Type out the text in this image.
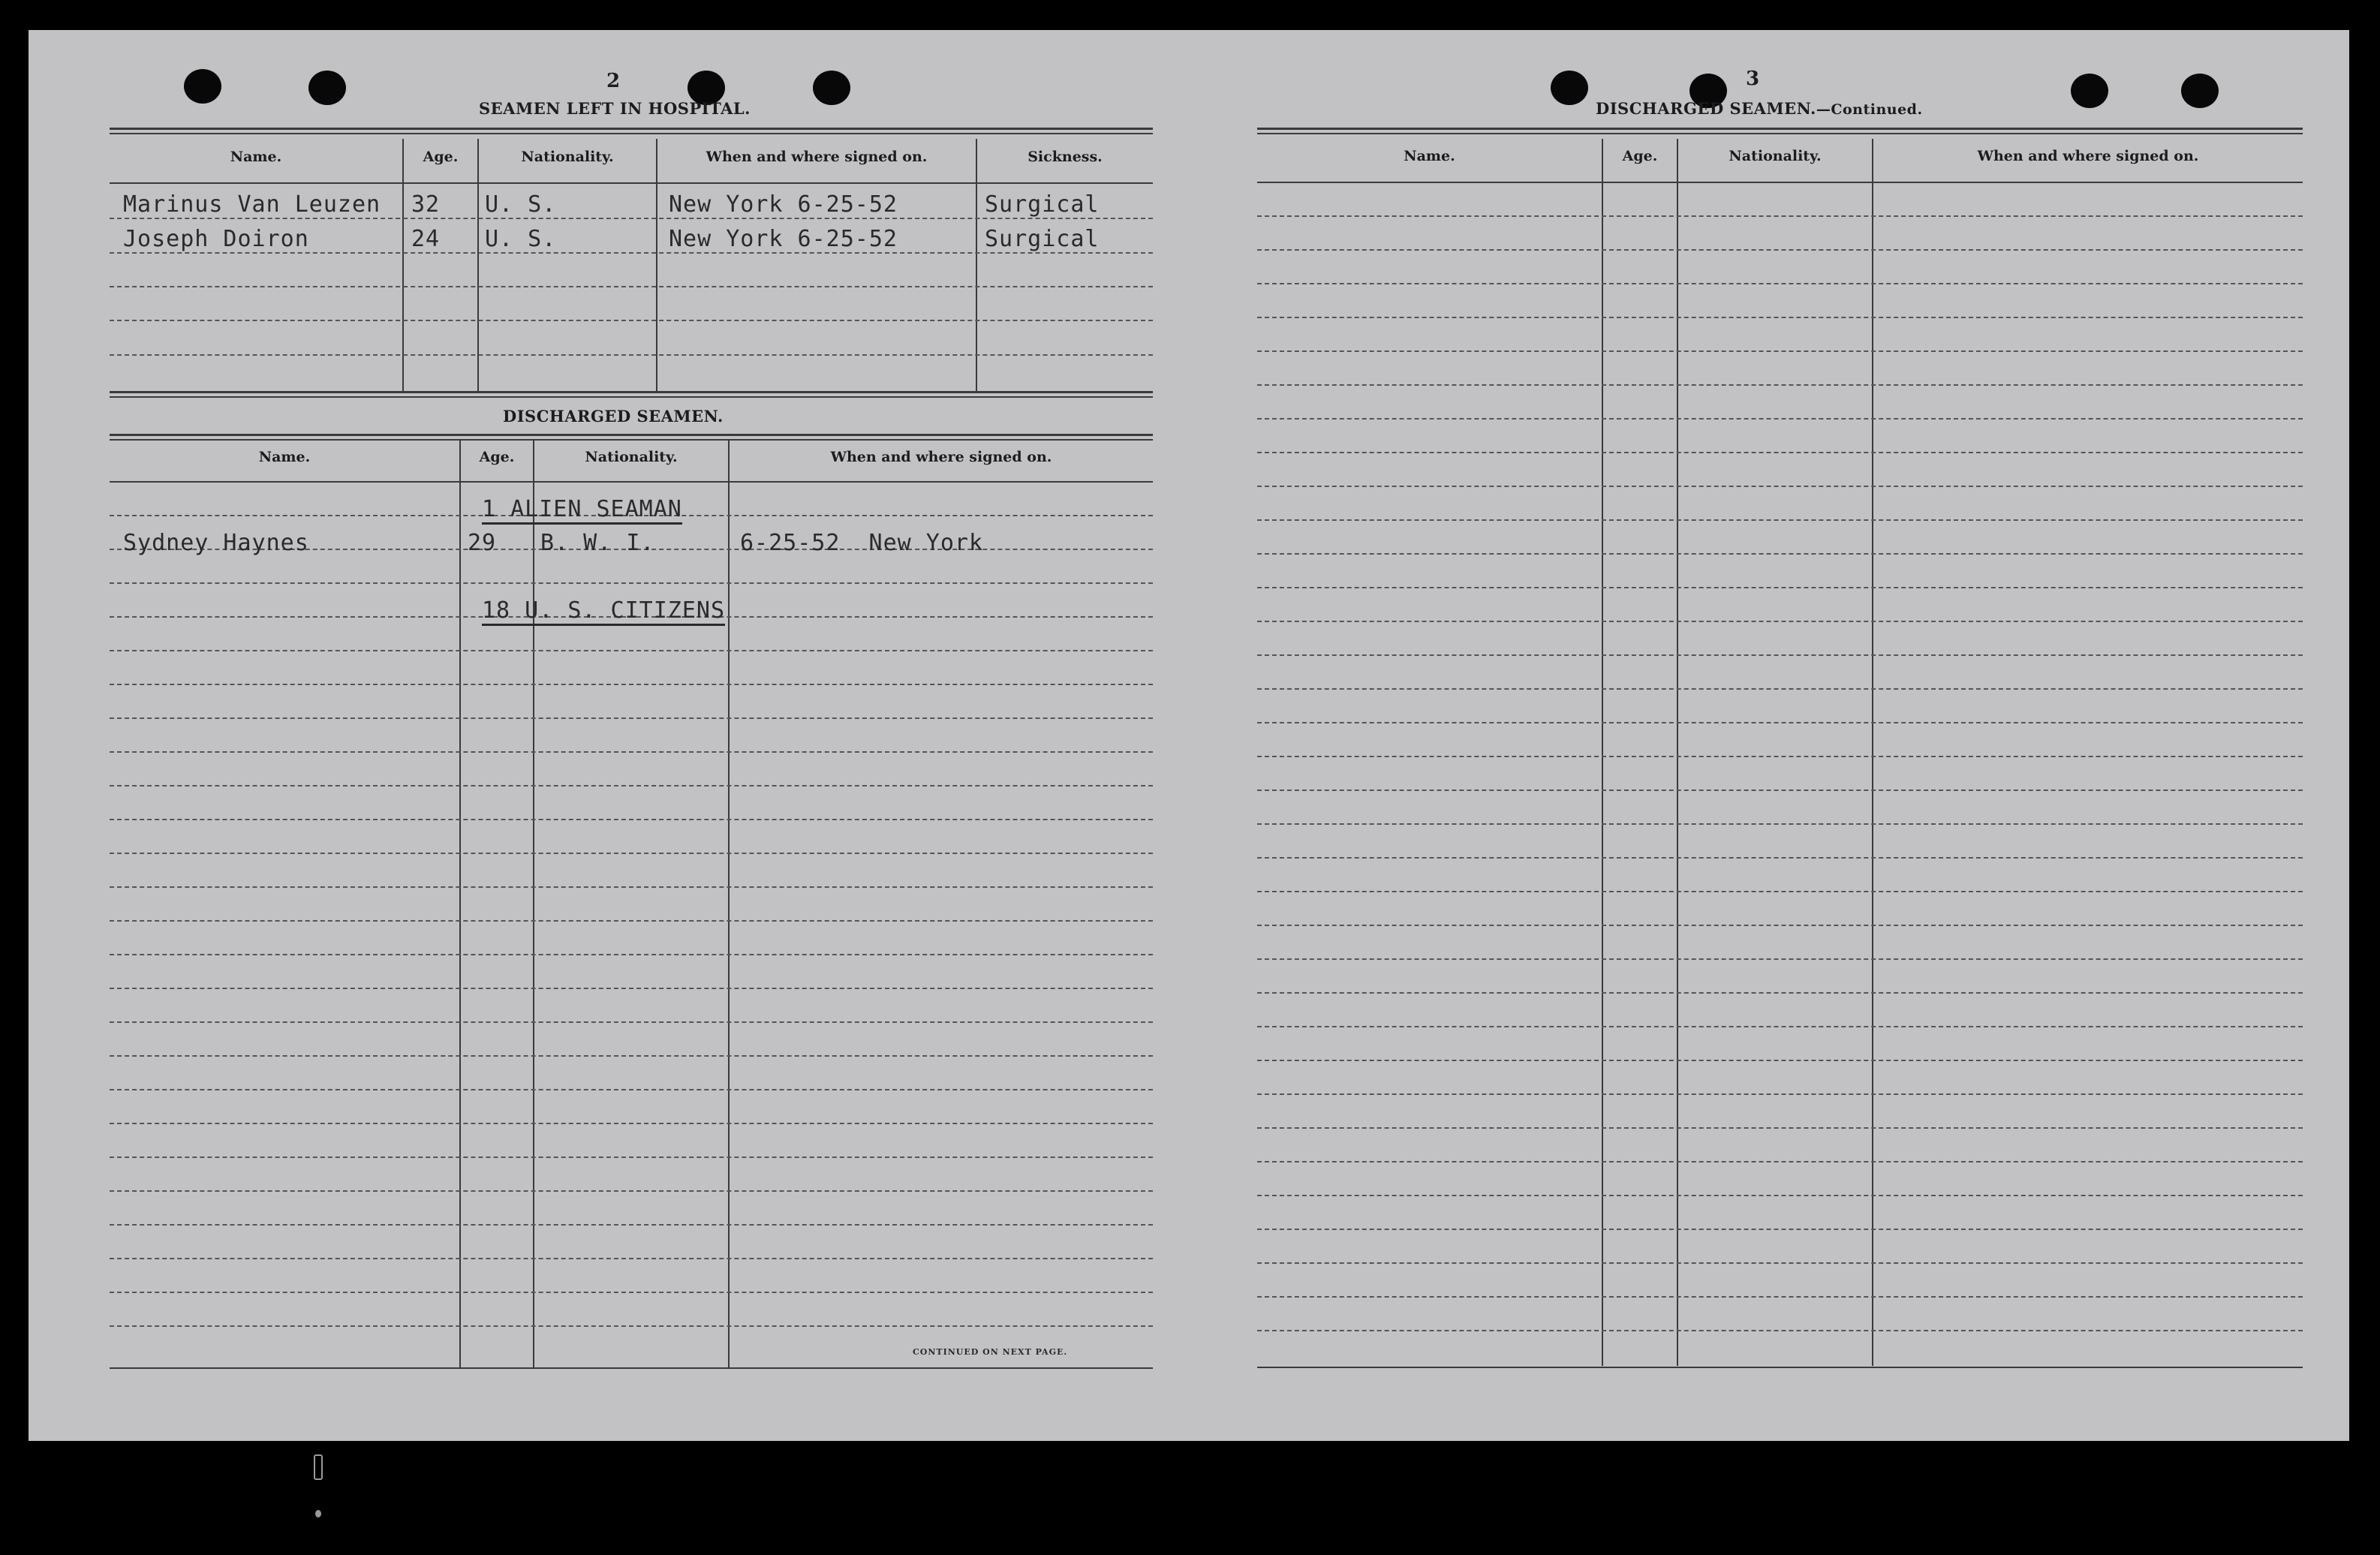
2
SEAMEN LEFT IN HOSPITAL.
Name.	Age.	Nationality.	When and where signed on.	Sickness.
Marinus Van Leuzen 32 U. S.	New York 6-25-52	Surgical
Joseph Doiron	24 U. S.	New York 6-25-52	Surgical
DISCHARGED SEAMEN.
Name.	Age.	Nationality.	When and where signed on.
1 ALIEN SEAMAN
Sydney Haynes	29 B. W. I.	6-25-52  New York
18 U. S. CITIZENS
CONTINUED ON NEXT PAGE.
3
DISCHARGED SEAMEN.—Continued.
Name.	Age.	Nationality.	When and where signed on.
·
